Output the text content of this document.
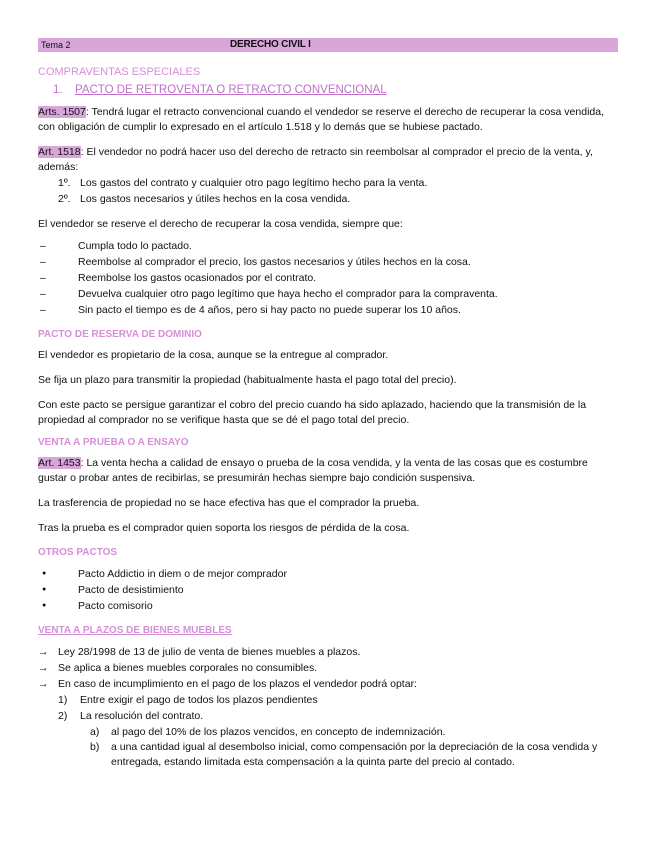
Tema 2	DERECHO CIVIL I
COMPRAVENTAS ESPECIALES
1. PACTO DE RETROVENTA O RETRACTO CONVENCIONAL

Arts. 1507: Tendrá lugar el retracto convencional cuando el vendedor se reserve el derecho de recuperar la cosa vendida, con obligación de cumplir lo expresado en el artículo 1.518 y lo demás que se hubiese pactado.

Art. 1518: El vendedor no podrá hacer uso del derecho de retracto sin reembolsar al comprador el precio de la venta, y, además:

1º. Los gastos del contrato y cualquier otro pago legítimo hecho para la venta.
2º. Los gastos necesarios y útiles hechos en la cosa vendida.

El vendedor se reserve el derecho de recuperar la cosa vendida, siempre que:

– Cumpla todo lo pactado.
– Reembolse al comprador el precio, los gastos necesarios y útiles hechos en la cosa.
– Reembolse los gastos ocasionados por el contrato.
– Devuelva cualquier otro pago legítimo que haya hecho el comprador para la compraventa.
– Sin pacto el tiempo es de 4 años, pero si hay pacto no puede superar los 10 años.
PACTO DE RESERVA DE DOMINIO

El vendedor es propietario de la cosa, aunque se la entregue al comprador.

Se fija un plazo para transmitir la propiedad (habitualmente hasta el pago total del precio).

Con este pacto se persigue garantizar el cobro del precio cuando ha sido aplazado, haciendo que la transmisión de la propiedad al comprador no se verifique hasta que se dé el pago total del precio.

VENTA A PRUEBA O A ENSAYO

Art. 1453: La venta hecha a calidad de ensayo o prueba de la cosa vendida, y la venta de las cosas que es costumbre gustar o probar antes de recibirlas, se presumirán hechas siempre bajo condición suspensiva.

La trasferencia de propiedad no se hace efectiva has que el comprador la prueba.

Tras la prueba es el comprador quien soporta los riesgos de pérdida de la cosa.

OTROS PACTOS
● Pacto Addictio in diem o de mejor comprador
● Pacto de desistimiento
● Pacto comisorio
VENTA A PLAZOS DE BIENES MUEBLES
→ Ley 28/1998 de 13 de julio de venta de bienes muebles a plazos.
→ Se aplica a bienes muebles corporales no consumibles.
→ En caso de incumplimiento en el pago de los plazos el vendedor podrá optar:
1) Entre exigir el pago de todos los plazos pendientes
2) La resolución del contrato.
a) al pago del 10% de los plazos vencidos, en concepto de indemnización.
b) a una cantidad igual al desembolso inicial, como compensación por la depreciación de la cosa vendida y entregada, estando limitada esta compensación a la quinta parte del precio al contado.
